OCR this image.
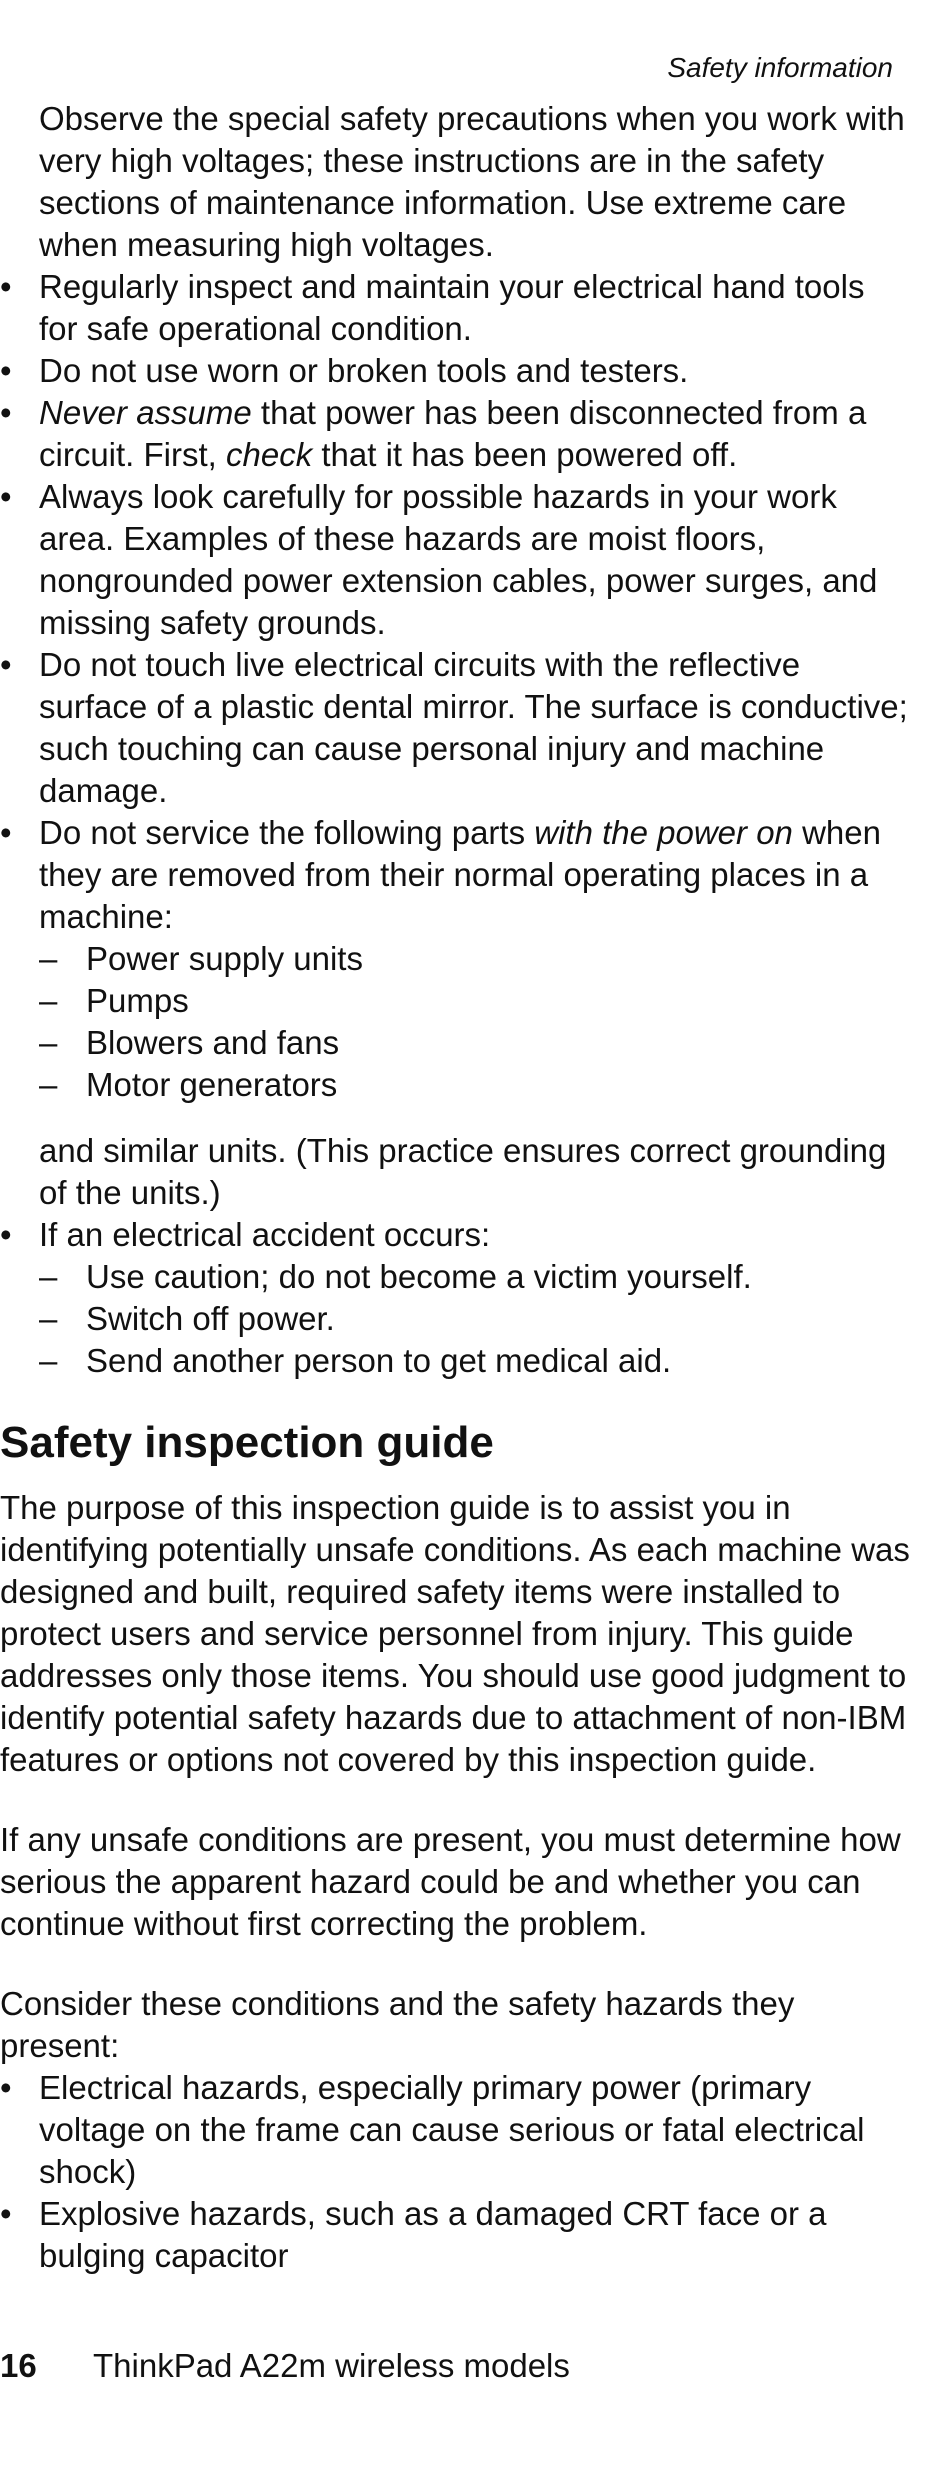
Safety information
Observe the special safety precautions when you work with very high voltages; these instructions are in the safety sections of maintenance information. Use extreme care when measuring high voltages.
• Regularly inspect and maintain your electrical hand tools for safe operational condition.
• Do not use worn or broken tools and testers.
• Never assume that power has been disconnected from a circuit. First, check that it has been powered off.
• Always look carefully for possible hazards in your work area. Examples of these hazards are moist floors, nongrounded power extension cables, power surges, and missing safety grounds.
• Do not touch live electrical circuits with the reflective surface of a plastic dental mirror. The surface is conductive; such touching can cause personal injury and machine damage.
• Do not service the following parts with the power on when they are removed from their normal operating places in a machine:
– Power supply units
– Pumps
– Blowers and fans
– Motor generators
and similar units. (This practice ensures correct grounding of the units.)
• If an electrical accident occurs:
– Use caution; do not become a victim yourself.
– Switch off power.
– Send another person to get medical aid.
Safety inspection guide
The purpose of this inspection guide is to assist you in identifying potentially unsafe conditions. As each machine was designed and built, required safety items were installed to protect users and service personnel from injury. This guide addresses only those items. You should use good judgment to identify potential safety hazards due to attachment of non-IBM features or options not covered by this inspection guide.
If any unsafe conditions are present, you must determine how serious the apparent hazard could be and whether you can continue without first correcting the problem.
Consider these conditions and the safety hazards they present:
• Electrical hazards, especially primary power (primary voltage on the frame can cause serious or fatal electrical shock)
• Explosive hazards, such as a damaged CRT face or a bulging capacitor
16 ThinkPad A22m wireless models
